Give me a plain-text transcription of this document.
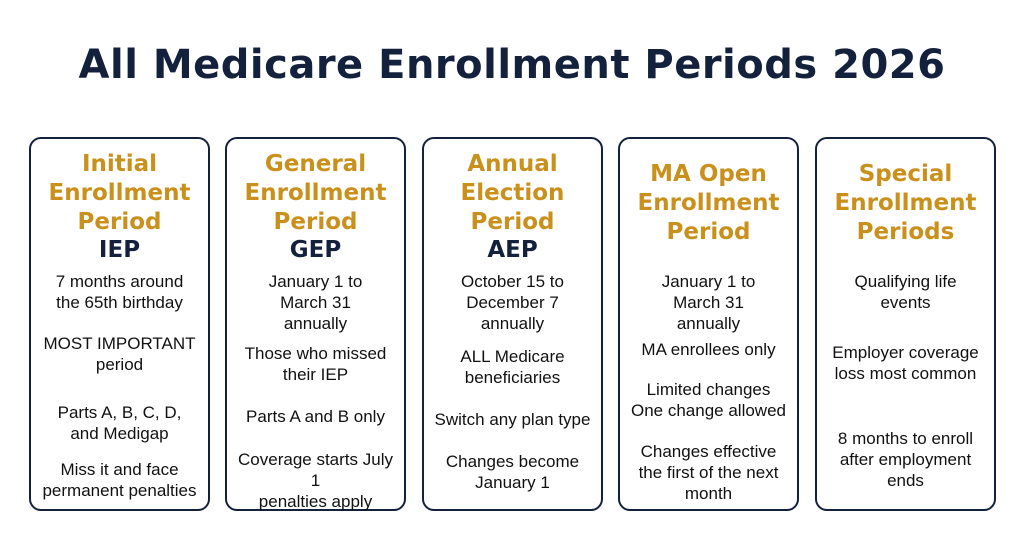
All Medicare Enrollment Periods 2026
Initial
Enrollment
Period
IEP
7 months around
the 65th birthday
MOST IMPORTANT
period
Parts A, B, C, D,
and Medigap
Miss it and face
permanent penalties
General
Enrollment
Period
GEP
January 1 to
March 31
annually
Those who missed
their IEP
Parts A and B only
Coverage starts July 1
penalties apply
Annual
Election
Period
AEP
October 15 to
December 7
annually
ALL Medicare
beneficiaries
Switch any plan type
Changes become
January 1
MA Open
Enrollment
Period
January 1 to
March 31
annually
MA enrollees only
Limited changes
One change allowed
Changes effective
the first of the next
month
Special
Enrollment
Periods
Qualifying life
events
Employer coverage
loss most common
8 months to enroll
after employment
ends
